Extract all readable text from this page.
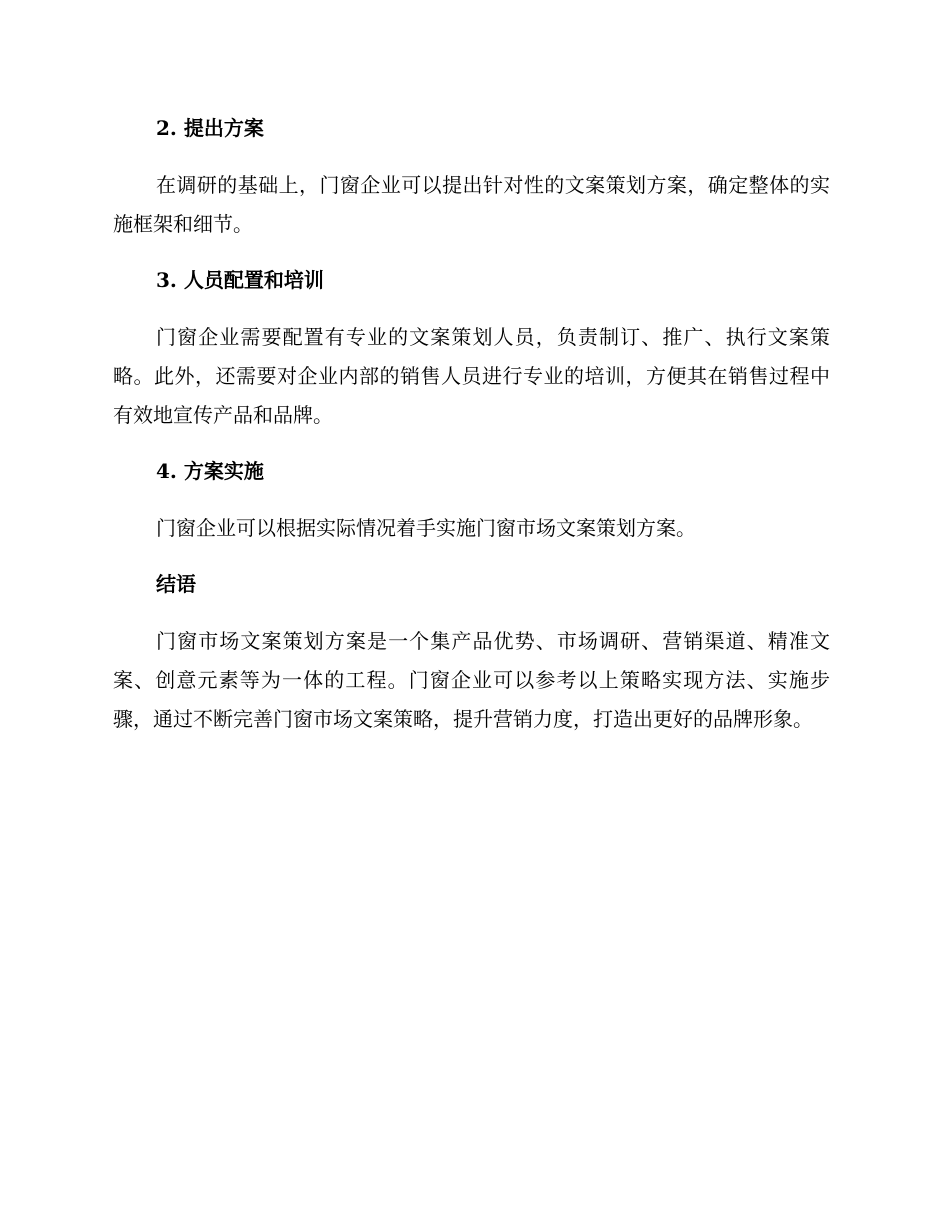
2. 提出方案

在调研的基础上，门窗企业可以提出针对性的文案策划方案，确定整体的实施框架和细节。

3. 人员配置和培训

门窗企业需要配置有专业的文案策划人员，负责制订、推广、执行文案策略。此外，还需要对企业内部的销售人员进行专业的培训，方便其在销售过程中有效地宣传产品和品牌。

4. 方案实施

门窗企业可以根据实际情况着手实施门窗市场文案策划方案。

结语

门窗市场文案策划方案是一个集产品优势、市场调研、营销渠道、精准文案、创意元素等为一体的工程。门窗企业可以参考以上策略实现方法、实施步骤，通过不断完善门窗市场文案策略，提升营销力度，打造出更好的品牌形象。
